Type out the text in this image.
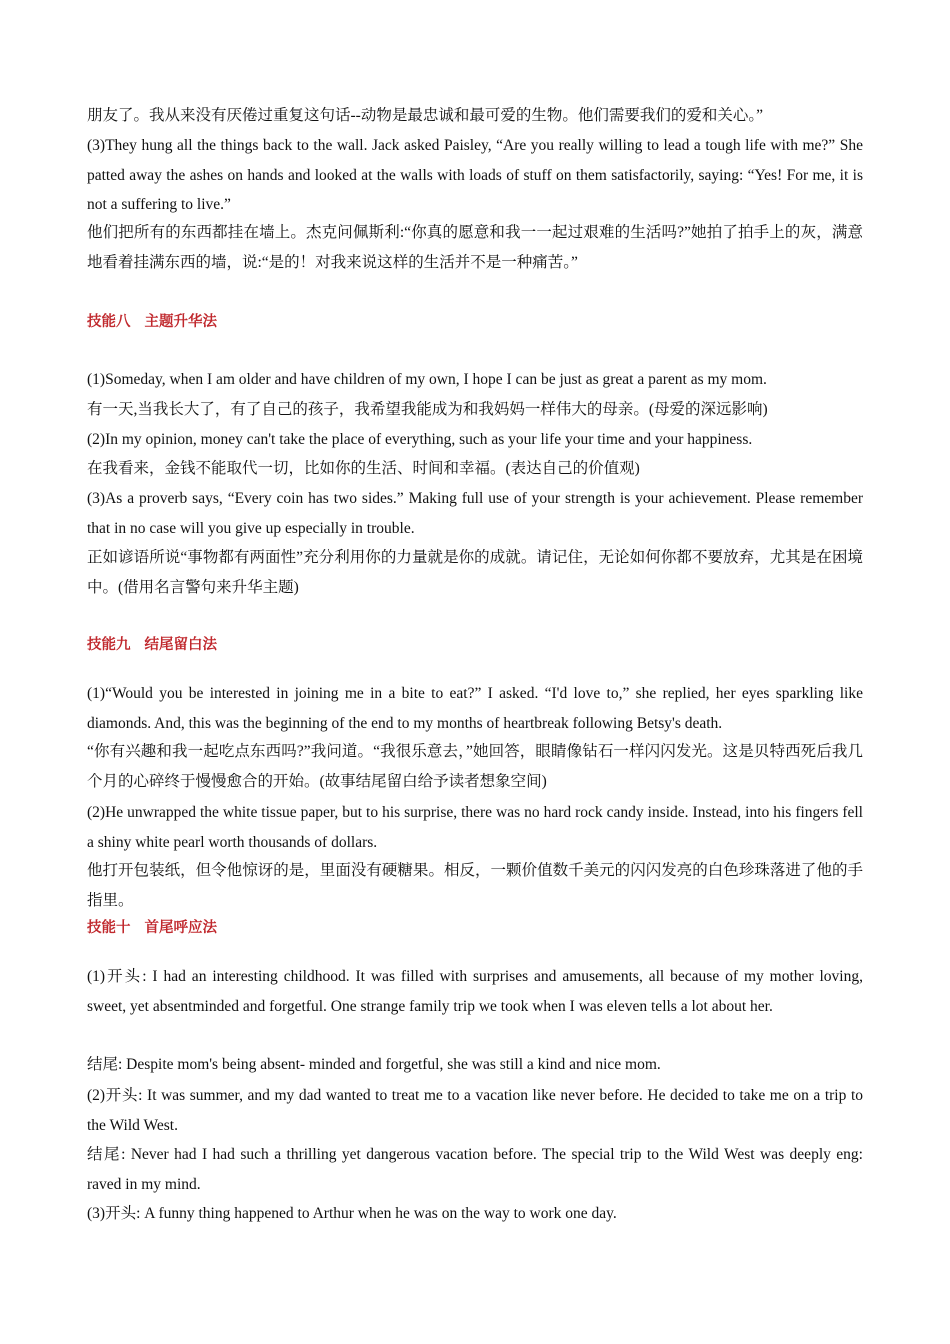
朋友了。我从来没有厌倦过重复这句话--动物是最忠诚和最可爱的生物。他们需要我们的爱和关心。”

(3)They hung all the things back to the wall. Jack asked Paisley, “Are you really willing to lead a tough life with me?” She patted away the ashes on hands and looked at the walls with loads of stuff on them satisfactorily, saying: “Yes! For me, it is not a suffering to live.”

他们把所有的东西都挂在墙上。杰克问佩斯利:“你真的愿意和我一一起过艰难的生活吗?”她拍了拍手上的灰，满意地看着挂满东西的墙，说:“是的！对我来说这样的生活并不是一种痛苦。”

技能八 主题升华法

(1)Someday, when I am older and have children of my own, I hope I can be just as great a parent as my mom.

有一天,当我长大了，有了自己的孩子，我希望我能成为和我妈妈一样伟大的母亲。(母爱的深远影响)

(2)In my opinion, money can't take the place of everything, such as your life your time and your happiness.

在我看来，金钱不能取代一切，比如你的生活、时间和幸福。(表达自己的价值观)

(3)As a proverb says, “Every coin has two sides.” Making full use of your strength is your achievement. Please remember that in no case will you give up especially in trouble.

正如谚语所说“事物都有两面性”充分利用你的力量就是你的成就。请记住，无论如何你都不要放弃，尤其是在困境中。(借用名言警句来升华主题)

技能九 结尾留白法

(1)“Would you be interested in joining me in a bite to eat?” I asked. “I'd love to,” she replied, her eyes sparkling like diamonds. And, this was the beginning of the end to my months of heartbreak following Betsy's death.

“你有兴趣和我一起吃点东西吗?”我问道。“我很乐意去，”她回答，眼睛像钻石一样闪闪发光。这是贝特西死后我几个月的心碎终于慢慢愈合的开始。(故事结尾留白给予读者想象空间)

(2)He unwrapped the white tissue paper, but to his surprise, there was no hard rock candy inside. Instead, into his fingers fell a shiny white pearl worth thousands of dollars.

他打开包装纸，但令他惊讶的是，里面没有硬糖果。相反，一颗价值数千美元的闪闪发亮的白色珍珠落进了他的手指里。

技能十 首尾呼应法

(1)开头: I had an interesting childhood. It was filled with surprises and amusements, all because of my mother loving, sweet, yet absentminded and forgetful. One strange family trip we took when I was eleven tells a lot about her.

结尾: Despite mom's being absent- minded and forgetful, she was still a kind and nice mom.

(2)开头: It was summer, and my dad wanted to treat me to a vacation like never before. He decided to take me on a trip to the Wild West.

结尾: Never had I had such a thrilling yet dangerous vacation before. The special trip to the Wild West was deeply eng: raved in my mind.

(3)开头: A funny thing happened to Arthur when he was on the way to work one day.
